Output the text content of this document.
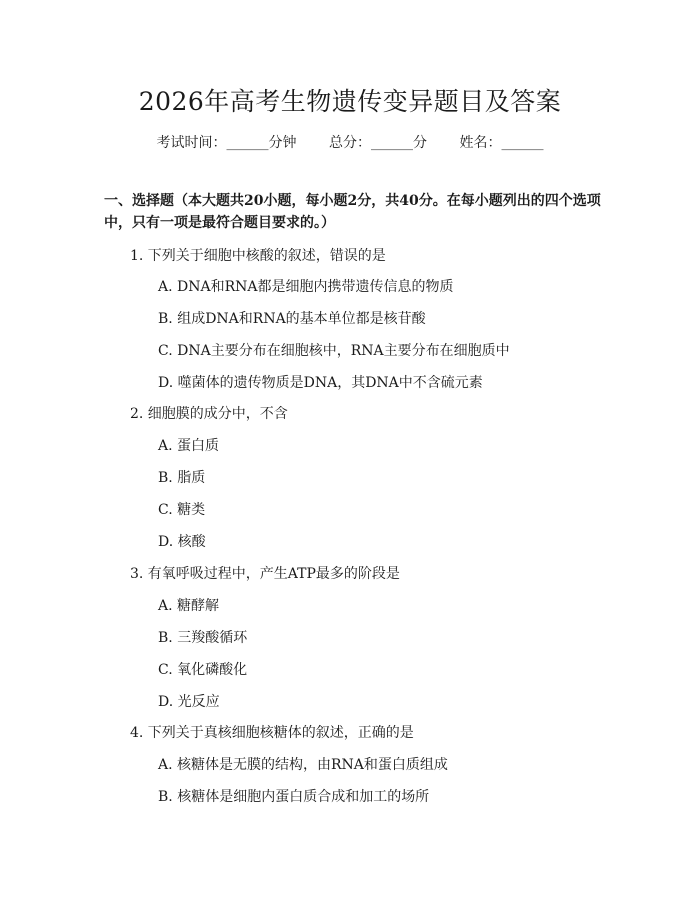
2026年高考生物遗传变异题目及答案
考试时间：______分钟 总分：______分 姓名：______
一、选择题（本大题共20小题，每小题2分，共40分。在每小题列出的四个选项中，只有一项是最符合题目要求的。）
1. 下列关于细胞中核酸的叙述，错误的是
A. DNA和RNA都是细胞内携带遗传信息的物质
B. 组成DNA和RNA的基本单位都是核苷酸
C. DNA主要分布在细胞核中，RNA主要分布在细胞质中
D. 噬菌体的遗传物质是DNA，其DNA中不含硫元素
2. 细胞膜的成分中，不含
A. 蛋白质
B. 脂质
C. 糖类
D. 核酸
3. 有氧呼吸过程中，产生ATP最多的阶段是
A. 糖酵解
B. 三羧酸循环
C. 氧化磷酸化
D. 光反应
4. 下列关于真核细胞核糖体的叙述，正确的是
A. 核糖体是无膜的结构，由RNA和蛋白质组成
B. 核糖体是细胞内蛋白质合成和加工的场所
